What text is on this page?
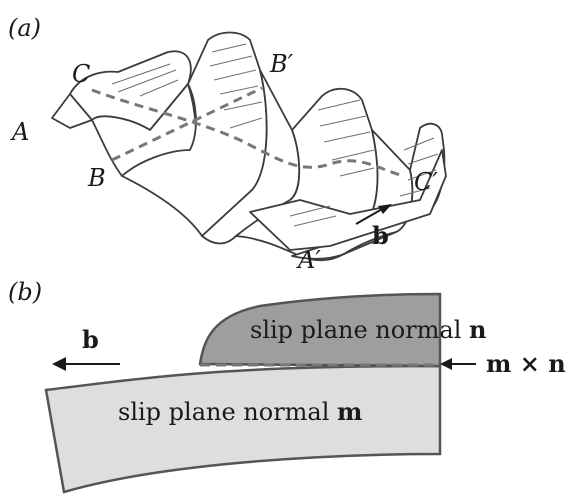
(a)
A
C
B
B′
C′
A′
b
(b)
slip plane normal n
slip plane normal m
b
m × n
